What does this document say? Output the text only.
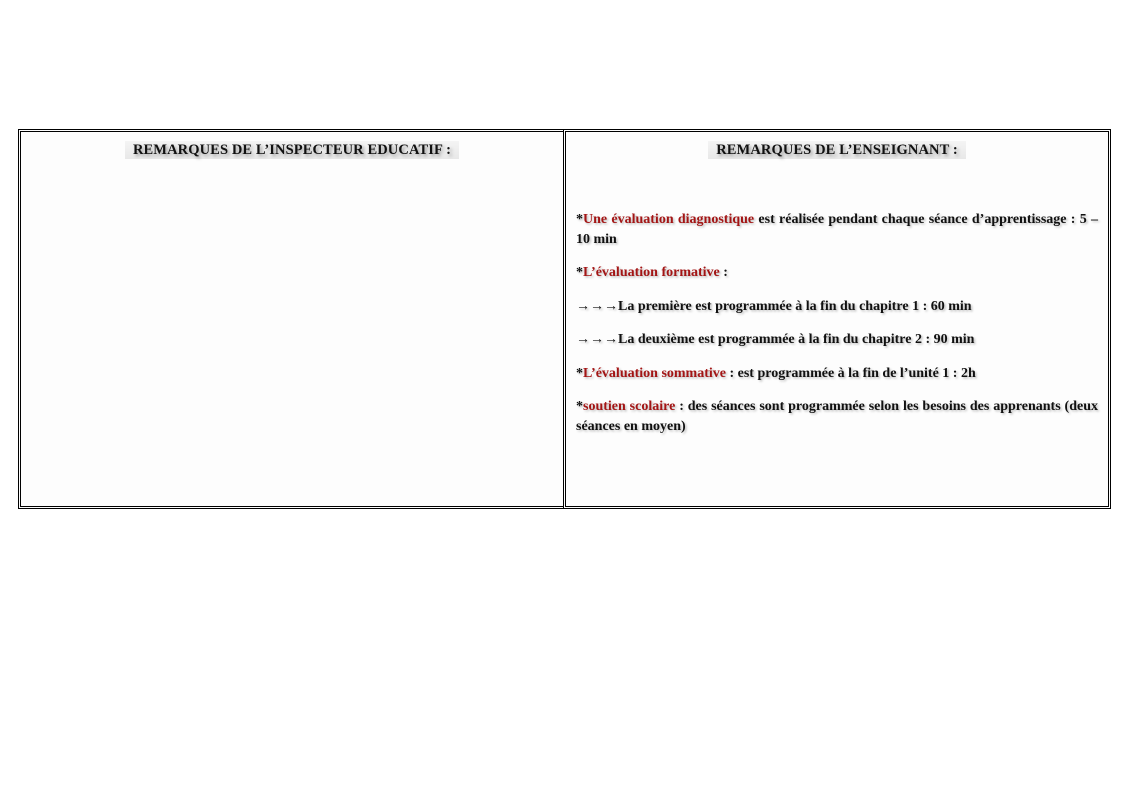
REMARQUES DE L’INSPECTEUR EDUCATIF :	REMARQUES DE L’ENSEIGNANT :

*Une évaluation diagnostique est réalisée pendant chaque séance d’apprentissage : 5 – 10 min

*L’évaluation formative :

→→→La première est programmée à la fin du chapitre 1 : 60 min

→→→La deuxième est programmée à la fin du chapitre 2 : 90 min

*L’évaluation sommative : est programmée à la fin de l’unité 1 : 2h

*soutien scolaire : des séances sont programmée selon les besoins des apprenants (deux séances en moyen)
